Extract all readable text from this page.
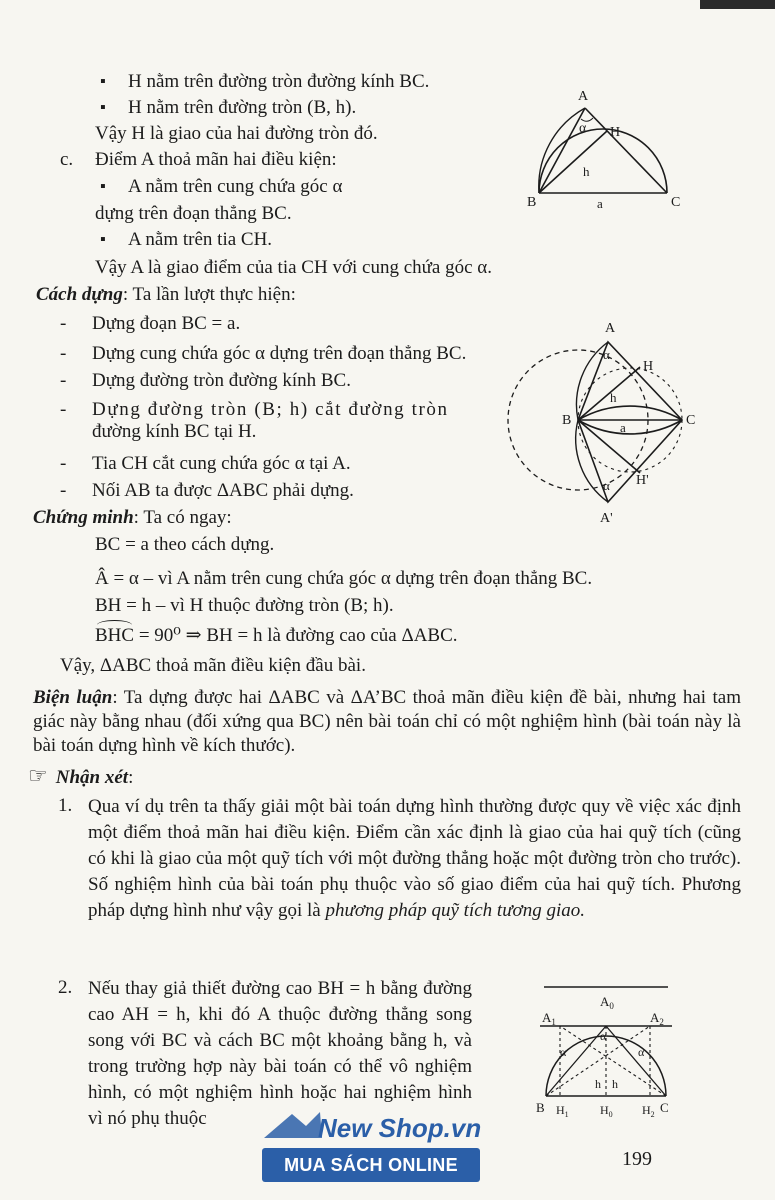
▪ H nằm trên đường tròn đường kính BC.
▪ H nằm trên đường tròn (B, h).
Vậy H là giao của hai đường tròn đó.
c. Điểm A thoả mãn hai điều kiện:
▪ A nằm trên cung chứa góc α
dựng trên đoạn thẳng BC.
▪ A nằm trên tia CH.
Vậy A là giao điểm của tia CH với cung chứa góc α.
Cách dựng: Ta lần lượt thực hiện:
- Dựng đoạn BC = a.
- Dựng cung chứa góc α dựng trên đoạn thẳng BC.
- Dựng đường tròn đường kính BC.
- Dựng đường tròn (B; h) cắt đường tròn
đường kính BC tại H.
- Tia CH cắt cung chứa góc α tại A.
- Nối AB ta được ΔABC phải dựng.
Chứng minh: Ta có ngay:
BC = a theo cách dựng.
Â = α – vì A nằm trên cung chứa góc α dựng trên đoạn thẳng BC.
BH = h – vì H thuộc đường tròn (B; h).
BHC = 90⁰ ⇒ BH = h là đường cao của ΔABC.
Vậy, ΔABC thoả mãn điều kiện đầu bài.
Biện luận: Ta dựng được hai ΔABC và ΔA’BC thoả mãn điều kiện đề bài, nhưng hai tam giác này bằng nhau (đối xứng qua BC) nên bài toán chỉ có một nghiệm hình (bài toán này là bài toán dựng hình về kích thước).
☞ Nhận xét:
1. Qua ví dụ trên ta thấy giải một bài toán dựng hình thường được quy về việc xác định một điểm thoả mãn hai điều kiện. Điểm cần xác định là giao của hai quỹ tích (cũng có khi là giao của một quỹ tích với một đường thẳng hoặc một đường tròn cho trước). Số nghiệm hình của bài toán phụ thuộc vào số giao điểm của hai quỹ tích. Phương pháp dựng hình như vậy gọi là phương pháp quỹ tích tương giao.
2. Nếu thay giả thiết đường cao BH = h bằng đường cao AH = h, khi đó A thuộc đường thẳng song song với BC và cách BC một khoảng bằng h, và trong trường hợp này bài toán có thể vô nghiệm hình, có một nghiệm hình hoặc hai nghiệm hình vì nó phụ thuộc
A
H
B	C
a
h
α
A
H
B	C
a
h
A'
H'
α
α
$A_0$
$A_1$	$A_2$
B	C
$H_1$	$H_0$ $H_2$
h h
α
α	α
New Shop.vn
MUA SÁCH ONLINE	199
